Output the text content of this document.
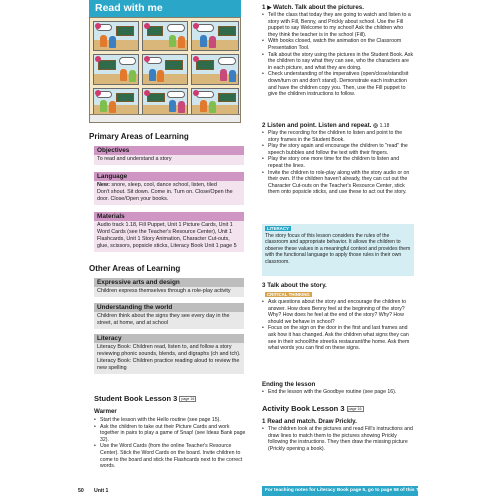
Read with me
Primary Areas of Learning
Objectives
To read and understand a story
Language
New: snore, sleep, cool, dance school, listen, tiled
Don't shout. Sit down. Come in. Turn on. Close/Open the door. Close/Open your books.
Materials
Audio track 1.18, Fill Puppet, Unit 1 Picture Cards, Unit 1 Word Cards (see the Teacher's Resource Center), Unit 1 Flashcards, Unit 1 Story Animation, Character Cut-outs, glue, scissors, popsicle sticks, Literacy Book Unit 1 page 5
Other Areas of Learning
Expressive arts and design
Children express themselves through a role-play activity
Understanding the world
Children think about the signs they see every day in the street, at home, and at school
Literacy
Literacy Book: Children read, listen to, and follow a story reviewing phonic sounds, blends, and digraphs (ch and tch). Literacy Book: Children practice reading aloud to review the new spelling
Student Book Lesson 3 page 16
Warmer
• Start the lesson with the Hello routine (see page 15).
• Ask the children to take out their Picture Cards and work together in pairs to play a game of Snap! (see Ideas Bank page 32).
• Use the Word Cards (from the online Teacher's Resource Center). Stick the Word Cards on the board. Invite children to come to the board and stick the Flashcards next to the correct words.
1 ▶ Watch. Talk about the pictures.
• Tell the class that today they are going to watch and listen to a story with Fill, Benny, and Prickly about school. Use the Fill puppet to say Welcome to my school! Ask the children who they think the teacher is in the school (Fill).
• With books closed, watch the animation on the Classroom Presentation Tool.
• Talk about the story using the pictures in the Student Book. Ask the children to say what they can see, who the characters are in each picture, and what they are doing.
• Check understanding of the imperatives (open/close/stand/sit down/turn on and don't stand). Demonstrate each instruction and have the children copy you. Then, use the Fill puppet to give the children instructions to follow.
2 Listen and point. Listen and repeat. ◎ 1.18
• Play the recording for the children to listen and point to the story frames in the Student Book.
• Play the story again and encourage the children to "read" the speech bubbles and follow the text with their fingers.
• Play the story one more time for the children to listen and repeat the lines.
• Invite the children to role-play along with the story audio or on their own. If the children haven't already, they can cut out the Character Cut-outs on the Teacher's Resource Center, stick them onto popsicle sticks, and use these to act out the story.
LITERACY
The story focus of this lesson considers the rules of the classroom and appropriate behavior. It allows the children to observe these values in a meaningful context and provides them with the functional language to apply those rules in their own classroom.
3 Talk about the story.
CRITICAL THINKING
• Ask questions about the story and encourage the children to answer. How does Benny feel at the beginning of the story? Why? How does he feel at the end of the story? Why? How should we behave in school?
• Focus on the sign on the door in the first and last frames and ask how it has changed. Ask the children what signs they can see in their school/the street/a restaurant/the home. Ask them what words you can find on these signs.
Ending the lesson
• End the lesson with the Goodbye routine (see page 16).
Activity Book Lesson 3 page 16
1 Read and match. Draw Prickly.
• The children look at the pictures and read Fill's instructions and draw lines to match them to the pictures showing Prickly following the instructions. They then draw the missing picture (Prickly opening a book).
50 Unit 1	For teaching notes for Literacy Book page 5, go to page 58 of this Teacher's Guide.
